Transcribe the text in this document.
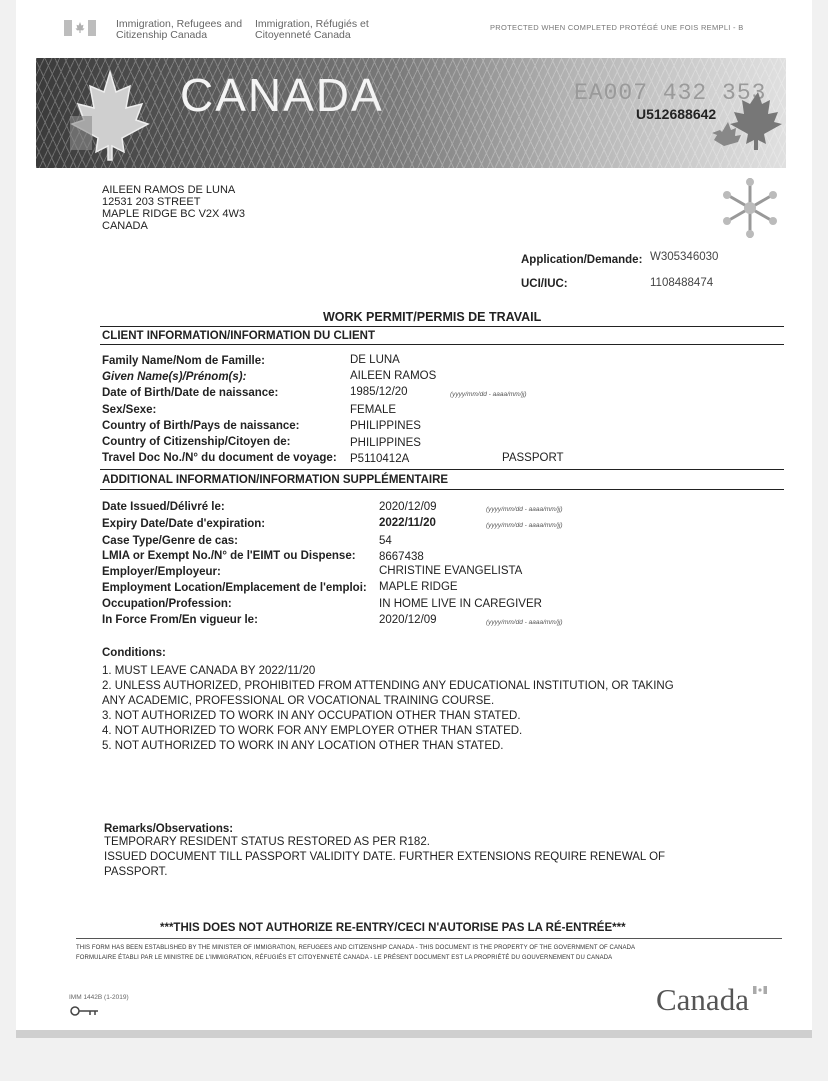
Immigration, Refugees and
Citizenship Canada
Immigration, Réfugiés et
Citoyenneté Canada
PROTECTED WHEN COMPLETED PROTÉGÉ UNE FOIS REMPLI - B
CANADA	EA007 432 353
U512688642
AILEEN RAMOS DE LUNA
12531 203 STREET
MAPLE RIDGE BC V2X 4W3
CANADA
Application/Demande: W305346030
UCI/IUC:	1108488474
WORK PERMIT/PERMIS DE TRAVAIL
CLIENT INFORMATION/INFORMATION DU CLIENT
Family Name/Nom de Famille:	DE LUNA
Given Name(s)/Prénom(s):	AILEEN RAMOS
Date of Birth/Date de naissance:	1985/12/20	(yyyy/mm/dd - aaaa/mm/jj)
Sex/Sexe:	FEMALE
Country of Birth/Pays de naissance:	PHILIPPINES
Country of Citizenship/Citoyen de:	PHILIPPINES
Travel Doc No./N° du document de voyage: P5110412A	PASSPORT
ADDITIONAL INFORMATION/INFORMATION SUPPLÉMENTAIRE
Date Issued/Délivré le:	2020/12/09	(yyyy/mm/dd - aaaa/mm/jj)
Expiry Date/Date d'expiration:	2022/11/20	(yyyy/mm/dd - aaaa/mm/jj)
Case Type/Genre de cas:	54
LMIA or Exempt No./N° de l'EIMT ou Dispense: 8667438
Employer/Employeur:	CHRISTINE EVANGELISTA
Employment Location/Emplacement de l'emploi: MAPLE RIDGE
Occupation/Profession:	IN HOME LIVE IN CAREGIVER
In Force From/En vigueur le:	2020/12/09	(yyyy/mm/dd - aaaa/mm/jj)
Conditions:
1. MUST LEAVE CANADA BY 2022/11/20
2. UNLESS AUTHORIZED, PROHIBITED FROM ATTENDING ANY EDUCATIONAL INSTITUTION, OR TAKING
ANY ACADEMIC, PROFESSIONAL OR VOCATIONAL TRAINING COURSE.
3. NOT AUTHORIZED TO WORK IN ANY OCCUPATION OTHER THAN STATED.
4. NOT AUTHORIZED TO WORK FOR ANY EMPLOYER OTHER THAN STATED.
5. NOT AUTHORIZED TO WORK IN ANY LOCATION OTHER THAN STATED.
Remarks/Observations:
TEMPORARY RESIDENT STATUS RESTORED AS PER R182.
ISSUED DOCUMENT TILL PASSPORT VALIDITY DATE. FURTHER EXTENSIONS REQUIRE RENEWAL OF
PASSPORT.
***THIS DOES NOT AUTHORIZE RE-ENTRY/CECI N'AUTORISE PAS LA RÉ-ENTRÉE***
THIS FORM HAS BEEN ESTABLISHED BY THE MINISTER OF IMMIGRATION, REFUGEES AND CITIZENSHIP CANADA - THIS DOCUMENT IS THE PROPERTY OF THE GOVERNMENT OF CANADA
FORMULAIRE ÉTABLI PAR LE MINISTRE DE L'IMMIGRATION, RÉFUGIÉS ET CITOYENNETÉ CANADA - LE PRÉSENT DOCUMENT EST LA PROPRIÉTÉ DU GOUVERNEMENT DU CANADA
IMM 1442B (1-2019)	Canada
